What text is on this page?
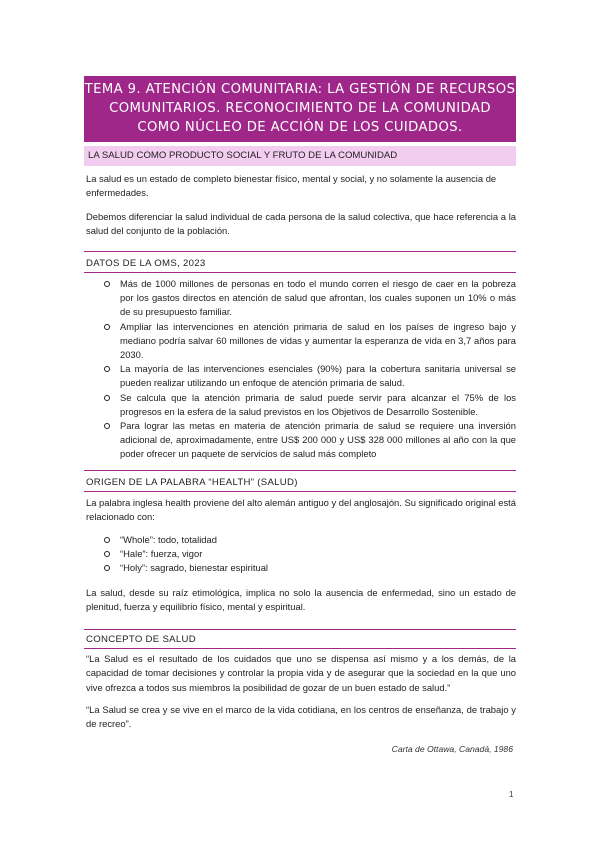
TEMA 9. ATENCIÓN COMUNITARIA: LA GESTIÓN DE RECURSOS
COMUNITARIOS. RECONOCIMIENTO DE LA COMUNIDAD
COMO NÚCLEO DE ACCIÓN DE LOS CUIDADOS.
LA SALUD COMO PRODUCTO SOCIAL Y FRUTO DE LA COMUNIDAD

La salud es un estado de completo bienestar físico, mental y social, y no solamente la ausencia de enfermedades.

Debemos diferenciar la salud individual de cada persona de la salud colectiva, que hace referencia a la salud del conjunto de la población.

DATOS DE LA OMS, 2023
Más de 1000 millones de personas en todo el mundo corren el riesgo de caer en la pobreza por los gastos directos en atención de salud que afrontan, los cuales suponen un 10% o más de su presupuesto familiar.
Ampliar las intervenciones en atención primaria de salud en los países de ingreso bajo y mediano podría salvar 60 millones de vidas y aumentar la esperanza de vida en 3,7 años para 2030.
La mayoría de las intervenciones esenciales (90%) para la cobertura sanitaria universal se pueden realizar utilizando un enfoque de atención primaria de salud.
Se calcula que la atención primaria de salud puede servir para alcanzar el 75% de los progresos en la esfera de la salud previstos en los Objetivos de Desarrollo Sostenible.
Para lograr las metas en materia de atención primaria de salud se requiere una inversión adicional de, aproximadamente, entre US$ 200 000 y US$ 328 000 millones al año con la que poder ofrecer un paquete de servicios de salud más completo
ORIGEN DE LA PALABRA “HEALTH” (SALUD)

La palabra inglesa health proviene del alto alemán antiguo y del anglosajón. Su significado original está relacionado con:

“Whole”: todo, totalidad
“Hale”: fuerza, vigor
“Holy”: sagrado, bienestar espiritual

La salud, desde su raíz etimológica, implica no solo la ausencia de enfermedad, sino un estado de plenitud, fuerza y equilibrio físico, mental y espiritual.

CONCEPTO DE SALUD

“La Salud es el resultado de los cuidados que uno se dispensa así mismo y a los demás, de la capacidad de tomar decisiones y controlar la propia vida y de asegurar que la sociedad en la que uno vive ofrezca a todos sus miembros la posibilidad de gozar de un buen estado de salud.”

“La Salud se crea y se vive en el marco de la vida cotidiana, en los centros de enseñanza, de trabajo y de recreo”.

Carta de Ottawa, Canadá, 1986
1
